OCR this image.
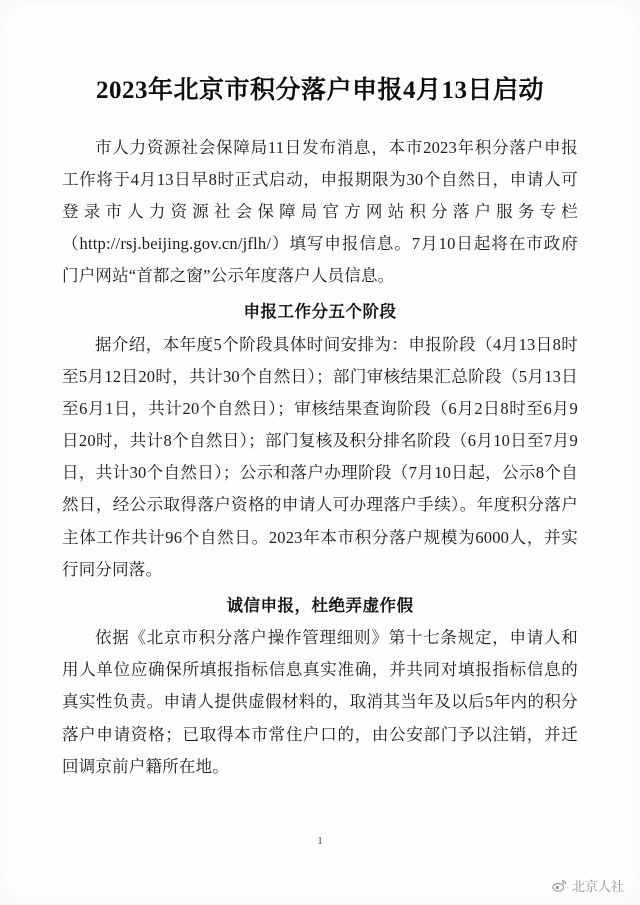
2023年北京市积分落户申报4月13日启动

市人力资源社会保障局11日发布消息，本市2023年积分落户申报工作将于4月13日早8时正式启动，申报期限为30个自然日，申请人可登录市人力资源社会保障局官方网站积分落户服务专栏（http://rsj.beijing.gov.cn/jflh/）填写申报信息。7月10日起将在市政府门户网站“首都之窗”公示年度落户人员信息。

申报工作分五个阶段

据介绍，本年度5个阶段具体时间安排为：申报阶段（4月13日8时至5月12日20时，共计30个自然日）；部门审核结果汇总阶段（5月13日至6月1日，共计20个自然日）；审核结果查询阶段（6月2日8时至6月9日20时，共计8个自然日）；部门复核及积分排名阶段（6月10日至7月9日，共计30个自然日）；公示和落户办理阶段（7月10日起，公示8个自然日，经公示取得落户资格的申请人可办理落户手续）。年度积分落户主体工作共计96个自然日。2023年本市积分落户规模为6000人，并实行同分同落。

诚信申报，杜绝弄虚作假

依据《北京市积分落户操作管理细则》第十七条规定，申请人和用人单位应确保所填报指标信息真实准确，并共同对填报指标信息的真实性负责。申请人提供虚假材料的，取消其当年及以后5年内的积分落户申请资格；已取得本市常住户口的，由公安部门予以注销，并迁回调京前户籍所在地。

1
北京人社
